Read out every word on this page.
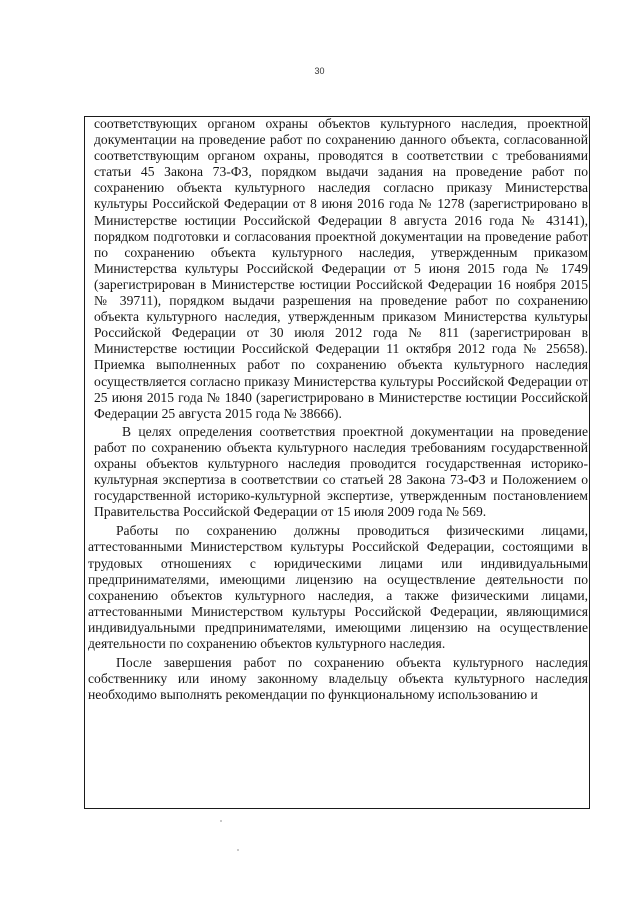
30

соответствующих органом охраны объектов культурного наследия, проектной документации на проведение работ по сохранению данного объекта, согласованной соответствующим органом охраны, проводятся в соответствии с требованиями статьи 45 Закона 73-ФЗ, порядком выдачи задания на проведение работ по сохранению объекта культурного наследия согласно приказу Министерства культуры Российской Федерации от 8 июня 2016 года № 1278 (зарегистрировано в Министерстве юстиции Российской Федерации 8 августа 2016 года № 43141), порядком подготовки и согласования проектной документации на проведение работ по сохранению объекта культурного наследия, утвержденным приказом Министерства культуры Российской Федерации от 5 июня 2015 года № 1749 (зарегистрирован в Министерстве юстиции Российской Федерации 16 ноября 2015 № 39711), порядком выдачи разрешения на проведение работ по сохранению объекта культурного наследия, утвержденным приказом Министерства культуры Российской Федерации от 30 июля 2012 года № 811 (зарегистрирован в Министерстве юстиции Российской Федерации 11 октября 2012 года № 25658). Приемка выполненных работ по сохранению объекта культурного наследия осуществляется согласно приказу Министерства культуры Российской Федерации от 25 июня 2015 года № 1840 (зарегистрировано в Министерстве юстиции Российской Федерации 25 августа 2015 года № 38666).

В целях определения соответствия проектной документации на проведение работ по сохранению объекта культурного наследия требованиям государственной охраны объектов культурного наследия проводится государственная историко-культурная экспертиза в соответствии со статьей 28 Закона 73-ФЗ и Положением о государственной историко-культурной экспертизе, утвержденным постановлением Правительства Российской Федерации от 15 июля 2009 года № 569.

Работы по сохранению должны проводиться физическими лицами, аттестованными Министерством культуры Российской Федерации, состоящими в трудовых отношениях с юридическими лицами или индивидуальными предпринимателями, имеющими лицензию на осуществление деятельности по сохранению объектов культурного наследия, а также физическими лицами, аттестованными Министерством культуры Российской Федерации, являющимися индивидуальными предпринимателями, имеющими лицензию на осуществление деятельности по сохранению объектов культурного наследия.

После завершения работ по сохранению объекта культурного наследия собственнику или иному законному владельцу объекта культурного наследия необходимо выполнять рекомендации по функциональному использованию и
